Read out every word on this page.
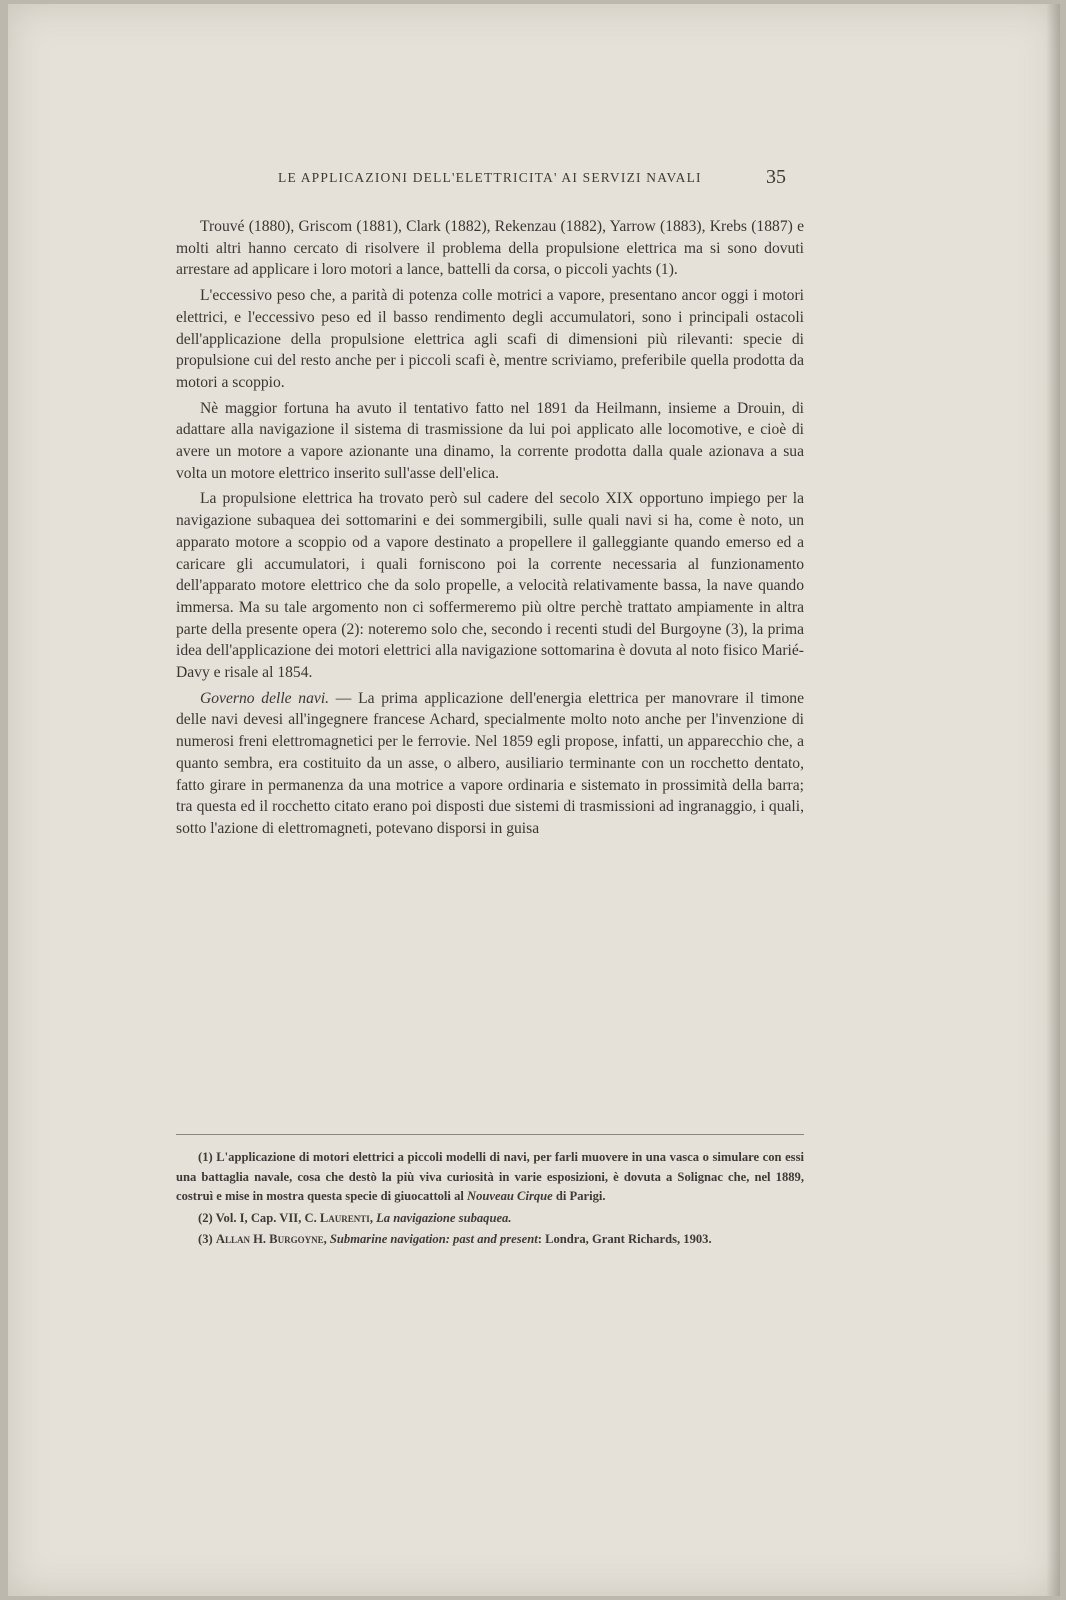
LE APPLICAZIONI DELL'ELETTRICITA' AI SERVIZI NAVALI	35

Trouvé (1880), Griscom (1881), Clark (1882), Rekenzau (1882), Yarrow (1883), Krebs (1887) e molti altri hanno cercato di risolvere il problema della propulsione elettrica ma si sono dovuti arrestare ad applicare i loro motori a lance, battelli da corsa, o piccoli yachts (1).

L'eccessivo peso che, a parità di potenza colle motrici a vapore, presentano ancor oggi i motori elettrici, e l'eccessivo peso ed il basso rendimento degli accumulatori, sono i principali ostacoli dell'applicazione della propulsione elettrica agli scafi di dimensioni più rilevanti: specie di propulsione cui del resto anche per i piccoli scafi è, mentre scriviamo, preferibile quella prodotta da motori a scoppio.

Nè maggior fortuna ha avuto il tentativo fatto nel 1891 da Heilmann, insieme a Drouin, di adattare alla navigazione il sistema di trasmissione da lui poi applicato alle locomotive, e cioè di avere un motore a vapore azionante una dinamo, la corrente prodotta dalla quale azionava a sua volta un motore elettrico inserito sull'asse dell'elica.

La propulsione elettrica ha trovato però sul cadere del secolo XIX opportuno impiego per la navigazione subaquea dei sottomarini e dei sommergibili, sulle quali navi si ha, come è noto, un apparato motore a scoppio od a vapore destinato a propellere il galleggiante quando emerso ed a caricare gli accumulatori, i quali forniscono poi la corrente necessaria al funzionamento dell'apparato motore elettrico che da solo propelle, a velocità relativamente bassa, la nave quando immersa. Ma su tale argomento non ci soffermeremo più oltre perchè trattato ampiamente in altra parte della presente opera (2): noteremo solo che, secondo i recenti studi del Burgoyne (3), la prima idea dell'applicazione dei motori elettrici alla navigazione sottomarina è dovuta al noto fisico Marié-Davy e risale al 1854.

Governo delle navi. — La prima applicazione dell'energia elettrica per manovrare il timone delle navi devesi all'ingegnere francese Achard, specialmente molto noto anche per l'invenzione di numerosi freni elettromagnetici per le ferrovie. Nel 1859 egli propose, infatti, un apparecchio che, a quanto sembra, era costituito da un asse, o albero, ausiliario terminante con un rocchetto dentato, fatto girare in permanenza da una motrice a vapore ordinaria e sistemato in prossimità della barra; tra questa ed il rocchetto citato erano poi disposti due sistemi di trasmissioni ad ingranaggio, i quali, sotto l'azione di elettromagneti, potevano disporsi in guisa

(1) L'applicazione di motori elettrici a piccoli modelli di navi, per farli muovere in una vasca o simulare con essi una battaglia navale, cosa che destò la più viva curiosità in varie esposizioni, è dovuta a Solignac che, nel 1889, costruì e mise in mostra questa specie di giuocattoli al Nouveau Cirque di Parigi.

(2) Vol. I, Cap. VII, C. Laurenti, La navigazione subaquea.

(3) Allan H. Burgoyne, Submarine navigation: past and present: Londra, Grant Richards, 1903.
